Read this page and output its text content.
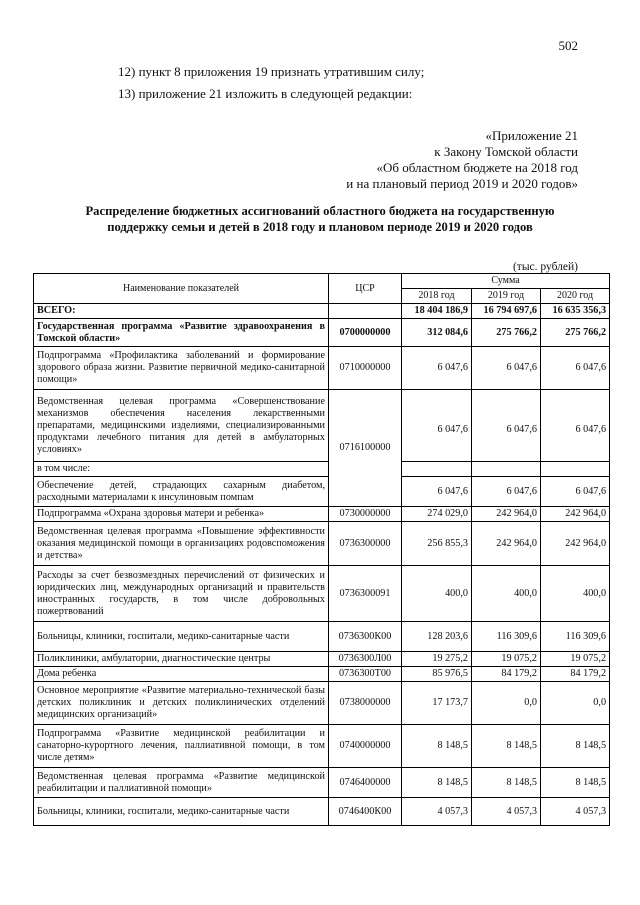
502
12) пункт 8 приложения 19 признать утратившим силу;
13) приложение 21 изложить в следующей редакции:
«Приложение 21
к Закону Томской области
«Об областном бюджете на 2018 год
и на плановый период 2019 и 2020 годов»
Распределение бюджетных ассигнований областного бюджета на государственную
поддержку семьи и детей в 2018 году и плановом периоде 2019 и 2020 годов
(тыс. рублей)
Наименование показателей	ЦСР	Сумма		
		2018 год	2019 год	2020 год
ВСЕГО:		18 404 186,9	16 794 697,6	16 635 356,3
Государственная программа «Развитие здравоохранения в Томской области»	0700000000	312 084,6	275 766,2	275 766,2
Подпрограмма «Профилактика заболеваний и формирование здорового образа жизни. Развитие первичной медико-санитарной помощи»	0710000000	6 047,6	6 047,6	6 047,6
Ведомственная целевая программа «Совершенствование механизмов обеспечения населения лекарственными препаратами, медицинскими изделиями, специализированными продуктами лечебного питания для детей в амбулаторных условиях»	0716100000	6 047,6	6 047,6	6 047,6
в том числе:				
Обеспечение детей, страдающих сахарным диабетом, расходными материалами к инсулиновым помпам		6 047,6	6 047,6	6 047,6
Подпрограмма «Охрана здоровья матери и ребенка»	0730000000	274 029,0	242 964,0	242 964,0
Ведомственная целевая программа «Повышение эффективности оказания медицинской помощи в организациях родовспоможения и детства»	0736300000	256 855,3	242 964,0	242 964,0
Расходы за счет безвозмездных перечислений от физических и юридических лиц, международных организаций и правительств иностранных государств, в том числе добровольных пожертвований	0736300091	400,0	400,0	400,0
Больницы, клиники, госпитали, медико-санитарные части	0736300К00	128 203,6	116 309,6	116 309,6
Поликлиники, амбулатории, диагностические центры	0736300Л00	19 275,2	19 075,2	19 075,2
Дома ребенка	0736300Т00	85 976,5	84 179,2	84 179,2
Основное мероприятие «Развитие материально-технической базы детских поликлиник и детских поликлинических отделений медицинских организаций»	0738000000	17 173,7	0,0	0,0
Подпрограмма «Развитие медицинской реабилитации и санаторно-курортного лечения, паллиативной помощи, в том числе детям»	0740000000	8 148,5	8 148,5	8 148,5
Ведомственная целевая программа «Развитие медицинской реабилитации и паллиативной помощи»	0746400000	8 148,5	8 148,5	8 148,5
Больницы, клиники, госпитали, медико-санитарные части	0746400К00	4 057,3	4 057,3	4 057,3
